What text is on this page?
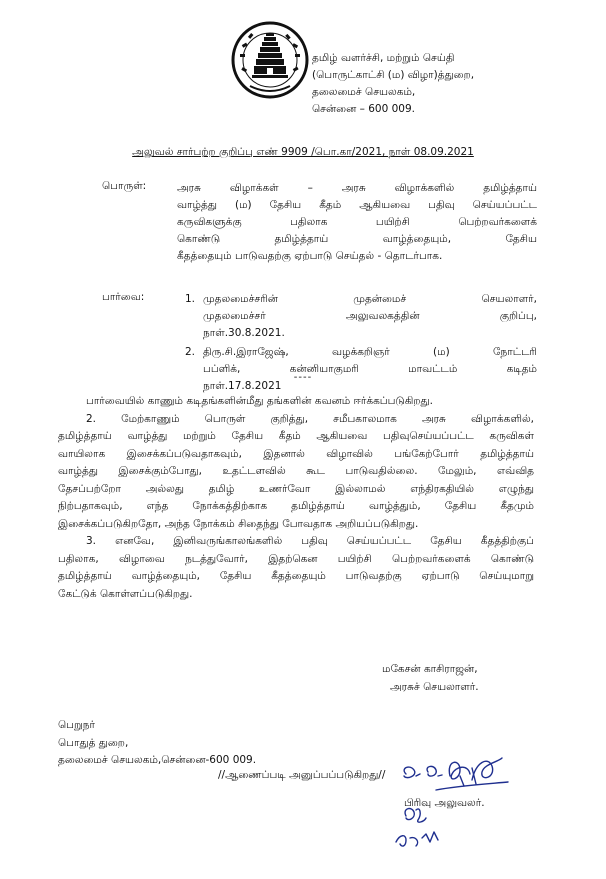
தமிழ் வளர்ச்சி, மற்றும் செய்தி
(பொருட்காட்சி (ம) விழா)த்துறை,
தலைமைச் செயலகம்,
சென்னை – 600 009.
அலுவல் சார்பற்ற குறிப்பு எண் 9909 /பொ.கா/2021, நாள் 08.09.2021
பொருள்:	அரசு விழாக்கள் – அரசு விழாக்களில் தமிழ்த்தாய்
வாழ்த்து (ம) தேசிய கீதம் ஆகியவை பதிவு செய்யப்பட்ட
கருவிகளுக்கு பதிலாக பயிற்சி பெற்றவர்களைக்
கொண்டு தமிழ்த்தாய் வாழ்த்தையும், தேசிய
கீதத்தையும் பாடுவதற்கு ஏற்பாடு செய்தல் - தொடர்பாக.
பார்வை:	1. முதலமைச்சரின் முதன்மைச் செயலாளர்,
முதலமைச்சர் அலுவலகத்தின் குறிப்பு,
நாள்.30.8.2021.
2. திரு.சி.இராஜேஷ், வழக்கறிஞர் (ம) நோட்டரி
பப்ளிக், கன்னியாகுமரி மாவட்டம் கடிதம்
நாள்.17.8.2021
----
பார்வையில் காணும் கடிதங்களின்மீது தங்களின் கவனம் ஈர்க்கப்படுகிறது.
2. மேற்காணும் பொருள் குறித்து, சமீபகாலமாக அரசு விழாக்களில்,
தமிழ்த்தாய் வாழ்த்து மற்றும் தேசிய கீதம் ஆகியவை பதிவுசெய்யப்பட்ட கருவிகள்
வாயிலாக இசைக்கப்படுவதாகவும், இதனால் விழாவில் பங்கேற்போர் தமிழ்த்தாய்
வாழ்த்து இசைக்கும்போது, உதட்டளவில் கூட பாடுவதில்லை. மேலும், எவ்வித
தேசப்பற்றோ அல்லது தமிழ் உணர்வோ இல்லாமல் எந்திரகதியில் எழுந்து
நிற்பதாகவும், எந்த நோக்கத்திற்காக தமிழ்த்தாய் வாழ்த்தும், தேசிய கீதமும்
இசைக்கப்படுகிறதோ, அந்த நோக்கம் சிதைந்து போவதாக அறியப்படுகிறது.
3. எனவே, இனிவருங்காலங்களில் பதிவு செய்யப்பட்ட தேசிய கீதத்திற்குப்
பதிலாக, விழாவை நடத்துவோர், இதற்கென பயிற்சி பெற்றவர்களைக் கொண்டு
தமிழ்த்தாய் வாழ்த்தையும், தேசிய கீதத்தையும் பாடுவதற்கு ஏற்பாடு செய்யுமாறு
கேட்டுக் கொள்ளப்படுகிறது.
மகேசன் காசிராஜன்,
அரசுச் செயலாளர்.
பெறுநர்
பொதுத் துறை,
தலைமைச் செயலகம்,சென்னை-600 009.
//ஆணைப்படி அனுப்பப்படுகிறது//
பிரிவு அலுவலர்.
